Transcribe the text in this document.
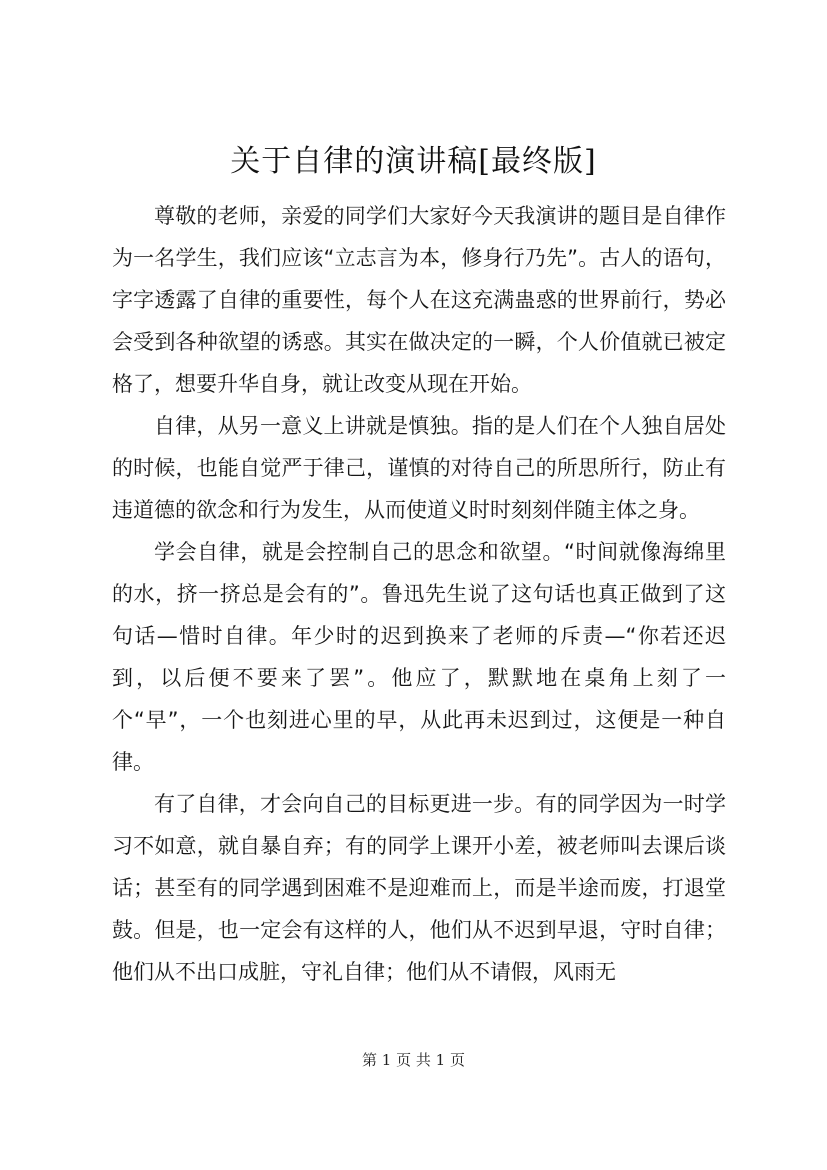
关于自律的演讲稿[最终版]

尊敬的老师，亲爱的同学们大家好今天我演讲的题目是自律作为一名学生，我们应该“立志言为本，修身行乃先”。古人的语句，字字透露了自律的重要性，每个人在这充满蛊惑的世界前行，势必会受到各种欲望的诱惑。其实在做决定的一瞬，个人价值就已被定格了，想要升华自身，就让改变从现在开始。

自律，从另一意义上讲就是慎独。指的是人们在个人独自居处的时候，也能自觉严于律己，谨慎的对待自己的所思所行，防止有违道德的欲念和行为发生，从而使道义时时刻刻伴随主体之身。

学会自律，就是会控制自己的思念和欲望。“时间就像海绵里的水，挤一挤总是会有的”。鲁迅先生说了这句话也真正做到了这句话—惜时自律。年少时的迟到换来了老师的斥责—“你若还迟到，以后便不要来了罢”。他应了，默默地在桌角上刻了一个“早”，一个也刻进心里的早，从此再未迟到过，这便是一种自律。

有了自律，才会向自己的目标更进一步。有的同学因为一时学习不如意，就自暴自弃；有的同学上课开小差，被老师叫去课后谈话；甚至有的同学遇到困难不是迎难而上，而是半途而废，打退堂鼓。但是，也一定会有这样的人，他们从不迟到早退，守时自律；他们从不出口成脏，守礼自律；他们从不请假，风雨无

第 1 页 共 1 页
